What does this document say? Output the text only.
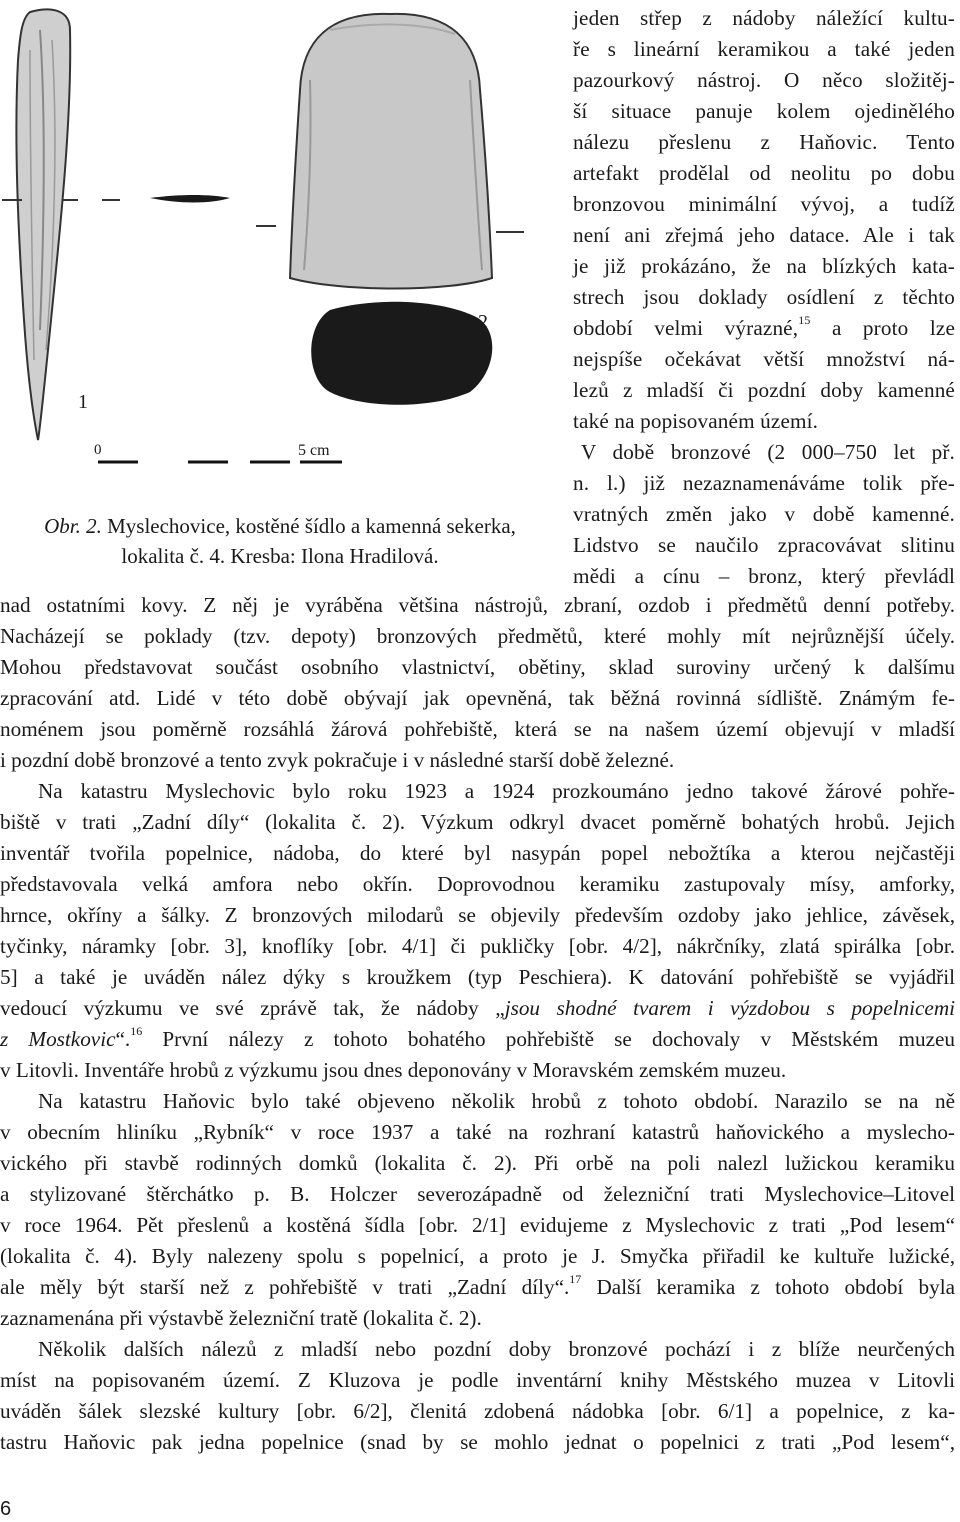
1
2
0	5 cm
Obr. 2. Myslechovice, kostěné šídlo a kamenná sekerka,
lokalita č. 4. Kresba: Ilona Hradilová.
jeden střep z nádoby náležící kultu-
ře s lineární keramikou a také jeden
pazourkový nástroj. O něco složitěj-
ší situace panuje kolem ojedinělého
nálezu přeslenu z Haňovic. Tento
artefakt prodělal od neolitu po dobu
bronzovou minimální vývoj, a tudíž
není ani zřejmá jeho datace. Ale i tak
je již prokázáno, že na blízkých kata-
strech jsou doklady osídlení z těchto
období velmi výrazné,$^{15}$ a proto lze
nejspíše očekávat větší množství ná-
lezů z mladší či pozdní doby kamenné
také na popisovaném území.
V době bronzové (2 000–750 let př.
n. l.) již nezaznamenáváme tolik pře-
vratných změn jako v době kamenné.
Lidstvo se naučilo zpracovávat slitinu
mědi a cínu – bronz, který převládl
nad ostatními kovy. Z něj je vyráběna většina nástrojů, zbraní, ozdob i předmětů denní potřeby.
Nacházejí se poklady (tzv. depoty) bronzových předmětů, které mohly mít nejrůznější účely.
Mohou představovat součást osobního vlastnictví, obětiny, sklad suroviny určený k dalšímu
zpracování atd. Lidé v této době obývají jak opevněná, tak běžná rovinná sídliště. Známým fe-
noménem jsou poměrně rozsáhlá žárová pohřebiště, která se na našem území objevují v mladší
i pozdní době bronzové a tento zvyk pokračuje i v následné starší době železné.
Na katastru Myslechovic bylo roku 1923 a 1924 prozkoumáno jedno takové žárové pohře-
biště v trati „Zadní díly“ (lokalita č. 2). Výzkum odkryl dvacet poměrně bohatých hrobů. Jejich
inventář tvořila popelnice, nádoba, do které byl nasypán popel nebožtíka a kterou nejčastěji
představovala velká amfora nebo okřín. Doprovodnou keramiku zastupovaly mísy, amforky,
hrnce, okříny a šálky. Z bronzových milodarů se objevily především ozdoby jako jehlice, závěsek,
tyčinky, náramky [obr. 3], knoflíky [obr. 4/1] či pukličky [obr. 4/2], nákrčníky, zlatá spirálka [obr.
5] a také je uváděn nález dýky s kroužkem (typ Peschiera). K datování pohřebiště se vyjádřil
vedoucí výzkumu ve své zprávě tak, že nádoby „jsou shodné tvarem i výzdobou s popelnicemi
z Mostkovic“.$^{16}$ První nálezy z tohoto bohatého pohřebiště se dochovaly v Městském muzeu
v Litovli. Inventáře hrobů z výzkumu jsou dnes deponovány v Moravském zemském muzeu.
Na katastru Haňovic bylo také objeveno několik hrobů z tohoto období. Narazilo se na ně
v obecním hliníku „Rybník“ v roce 1937 a také na rozhraní katastrů haňovického a myslecho-
vického při stavbě rodinných domků (lokalita č. 2). Při orbě na poli nalezl lužickou keramiku
a stylizované štěrchátko p. B. Holczer severozápadně od železniční trati Myslechovice–Litovel
v roce 1964. Pět přeslenů a kostěná šídla [obr. 2/1] evidujeme z Myslechovic z trati „Pod lesem“
(lokalita č. 4). Byly nalezeny spolu s popelnicí, a proto je J. Smyčka přiřadil ke kultuře lužické,
ale měly být starší než z pohřebiště v trati „Zadní díly“.$^{17}$ Další keramika z tohoto období byla
zaznamenána při výstavbě železniční tratě (lokalita č. 2).
Několik dalších nálezů z mladší nebo pozdní doby bronzové pochází i z blíže neurčených
míst na popisovaném území. Z Kluzova je podle inventární knihy Městského muzea v Litovli
uváděn šálek slezské kultury [obr. 6/2], členitá zdobená nádobka [obr. 6/1] a popelnice, z ka-
tastru Haňovic pak jedna popelnice (snad by se mohlo jednat o popelnici z trati „Pod lesem“,
6
